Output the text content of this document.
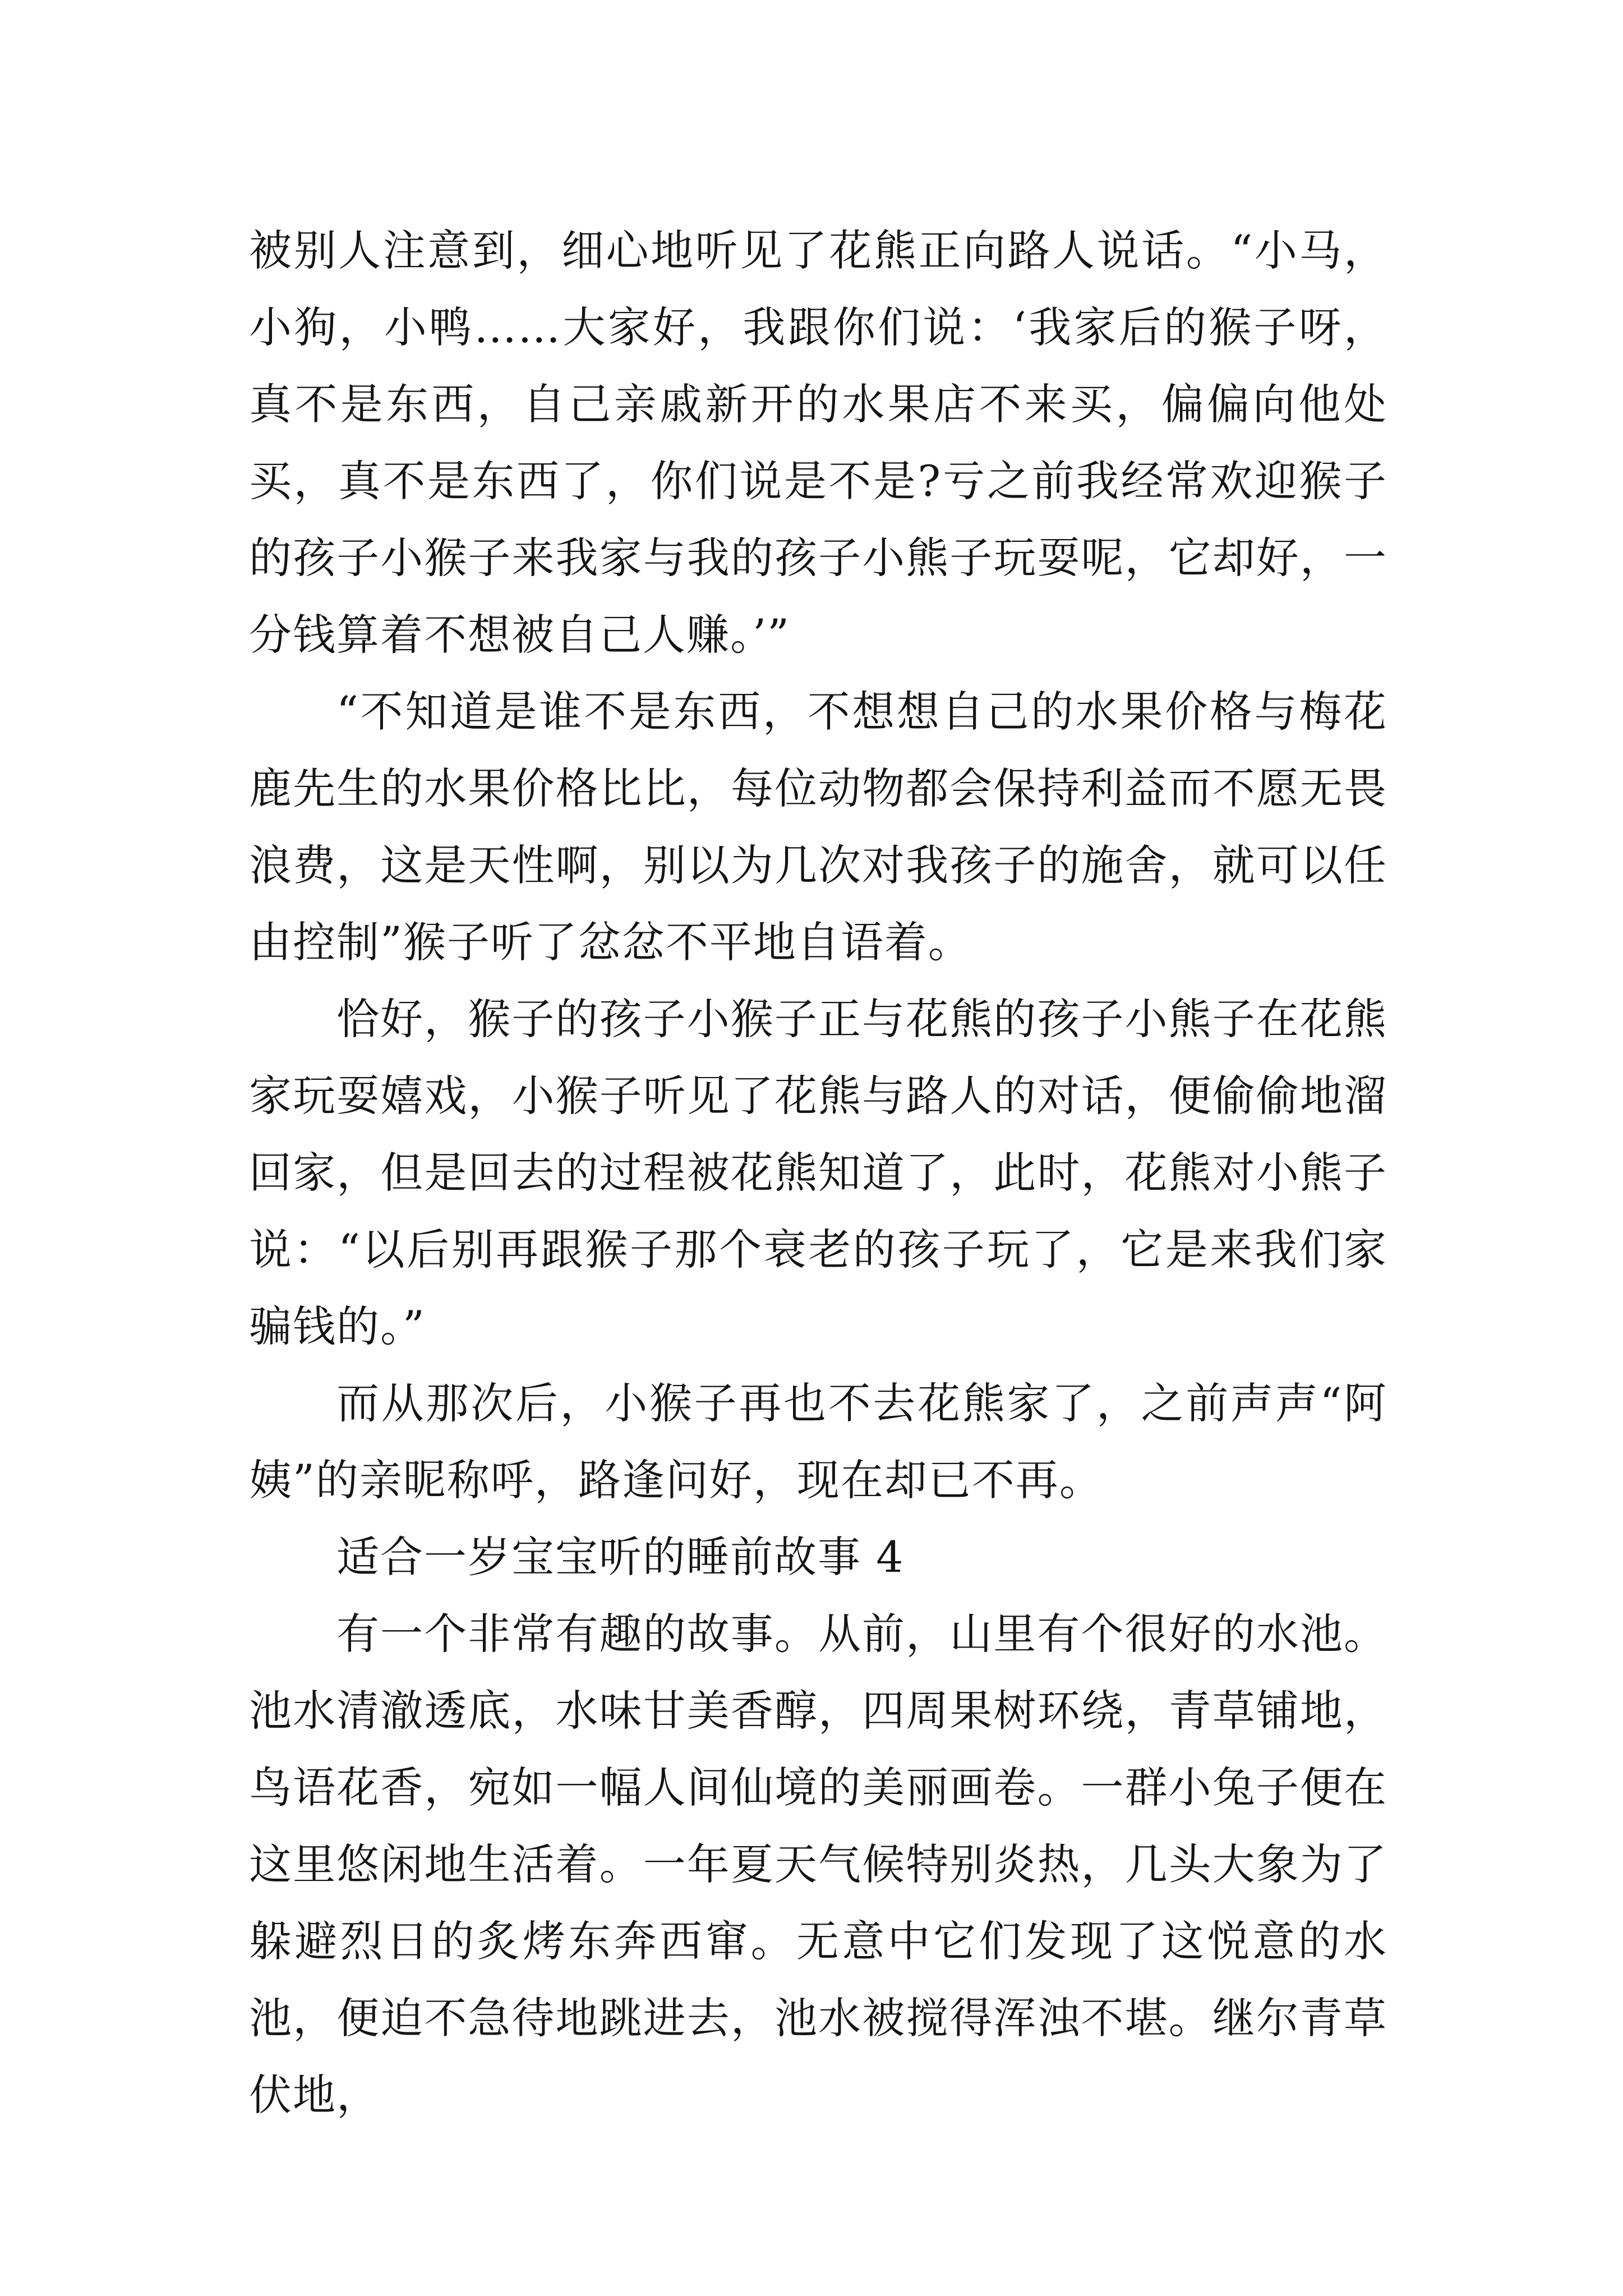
被别人注意到，细心地听见了花熊正向路人说话。“小马，小狗，小鸭……大家好，我跟你们说：‘我家后的猴子呀，真不是东西，自己亲戚新开的水果店不来买，偏偏向他处买，真不是东西了，你们说是不是?亏之前我经常欢迎猴子的孩子小猴子来我家与我的孩子小熊子玩耍呢，它却好，一分钱算着不想被自己人赚。’”

“不知道是谁不是东西，不想想自己的水果价格与梅花鹿先生的水果价格比比，每位动物都会保持利益而不愿无畏浪费，这是天性啊，别以为几次对我孩子的施舍，就可以任由控制”猴子听了忿忿不平地自语着。

恰好，猴子的孩子小猴子正与花熊的孩子小熊子在花熊家玩耍嬉戏，小猴子听见了花熊与路人的对话，便偷偷地溜回家，但是回去的过程被花熊知道了，此时，花熊对小熊子说：“以后别再跟猴子那个衰老的孩子玩了，它是来我们家骗钱的。”

而从那次后，小猴子再也不去花熊家了，之前声声“阿姨”的亲昵称呼，路逢问好，现在却已不再。

适合一岁宝宝听的睡前故事 4

有一个非常有趣的故事。从前，山里有个很好的水池。池水清澈透底，水味甘美香醇，四周果树环绕，青草铺地，鸟语花香，宛如一幅人间仙境的美丽画卷。一群小兔子便在这里悠闲地生活着。一年夏天气候特别炎热，几头大象为了躲避烈日的炙烤东奔西窜。无意中它们发现了这悦意的水池，便迫不急待地跳进去，池水被搅得浑浊不堪。继尔青草伏地，
